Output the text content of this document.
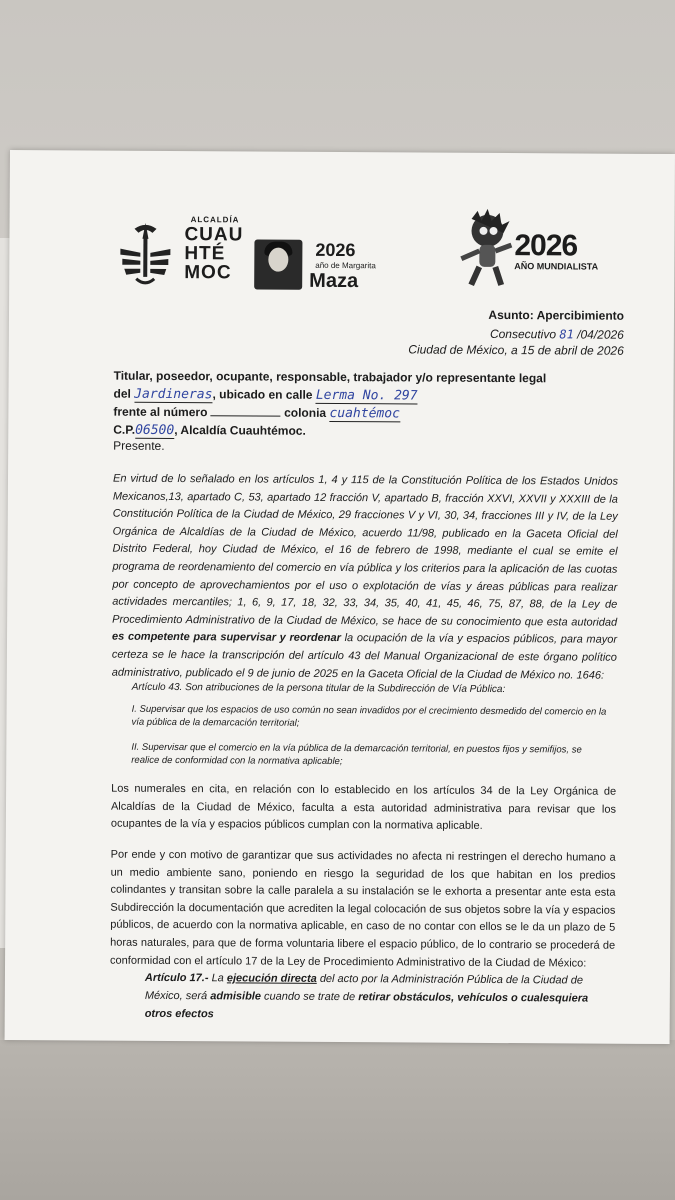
ALCALDÍA
CUAU
HTÉ
MOC
2026
año de Margarita
Maza
2026
AÑO MUNDIALISTA
Asunto: Apercibimiento
Consecutivo 81 /04/2026
Ciudad de México, a 15 de abril de 2026
Titular, poseedor, ocupante, responsable, trabajador y/o representante legal
del Jardineras, ubicado en calle Lerma No. 297
frente al número	colonia cuahtémoc
C.P.06500, Alcaldía Cuauhtémoc.
Presente.
En virtud de lo señalado en los artículos 1, 4 y 115 de la Constitución Política de los Estados Unidos Mexicanos,13, apartado C, 53, apartado 12 fracción V, apartado B, fracción XXVI, XXVII y XXXIII de la Constitución Política de la Ciudad de México, 29 fracciones V y VI, 30, 34, fracciones III y IV, de la Ley Orgánica de Alcaldías de la Ciudad de México, acuerdo 11/98, publicado en la Gaceta Oficial del Distrito Federal, hoy Ciudad de México, el 16 de febrero de 1998, mediante el cual se emite el programa de reordenamiento del comercio en vía pública y los criterios para la aplicación de las cuotas por concepto de aprovechamientos por el uso o explotación de vías y áreas públicas para realizar actividades mercantiles; 1, 6, 9, 17, 18, 32, 33, 34, 35, 40, 41, 45, 46, 75, 87, 88, de la Ley de Procedimiento Administrativo de la Ciudad de México, se hace de su conocimiento que esta autoridad es competente para supervisar y reordenar la ocupación de la vía y espacios públicos, para mayor certeza se le hace la transcripción del artículo 43 del Manual Organizacional de este órgano político administrativo, publicado el 9 de junio de 2025 en la Gaceta Oficial de la Ciudad de México no. 1646:
Artículo 43. Son atribuciones de la persona titular de la Subdirección de Vía Pública:
I. Supervisar que los espacios de uso común no sean invadidos por el crecimiento desmedido del comercio en la vía pública de la demarcación territorial;
II. Supervisar que el comercio en la vía pública de la demarcación territorial, en puestos fijos y semifijos, se realice de conformidad con la normativa aplicable;
Los numerales en cita, en relación con lo establecido en los artículos 34 de la Ley Orgánica de Alcaldías de la Ciudad de México, faculta a esta autoridad administrativa para revisar que los ocupantes de la vía y espacios públicos cumplan con la normativa aplicable.
Por ende y con motivo de garantizar que sus actividades no afecta ni restringen el derecho humano a un medio ambiente sano, poniendo en riesgo la seguridad de los que habitan en los predios colindantes y transitan sobre la calle paralela a su instalación se le exhorta a presentar ante esta esta Subdirección la documentación que acrediten la legal colocación de sus objetos sobre la vía y espacios públicos, de acuerdo con la normativa aplicable, en caso de no contar con ellos se le da un plazo de 5 horas naturales, para que de forma voluntaria libere el espacio público, de lo contrario se procederá de conformidad con el artículo 17 de la Ley de Procedimiento Administrativo de la Ciudad de México:
Artículo 17.- La ejecución directa del acto por la Administración Pública de la Ciudad de México, será admisible cuando se trate de retirar obstáculos, vehículos o cualesquiera otros efectos
